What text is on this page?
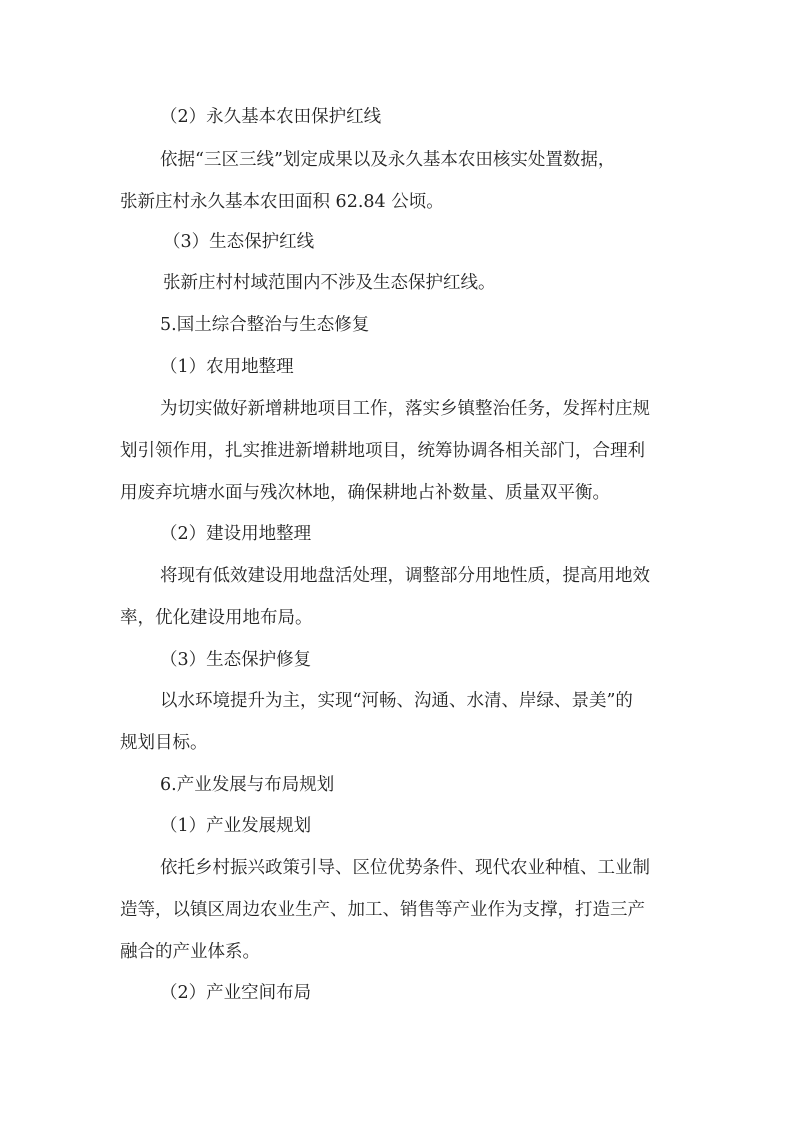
（2）永久基本农田保护红线
依据“三区三线”划定成果以及永久基本农田核实处置数据，
张新庄村永久基本农田面积 62.84 公顷。
（3）生态保护红线
张新庄村村域范围内不涉及生态保护红线。
5.国土综合整治与生态修复
（1）农用地整理
为切实做好新增耕地项目工作，落实乡镇整治任务，发挥村庄规
划引领作用，扎实推进新增耕地项目，统筹协调各相关部门，合理利
用废弃坑塘水面与残次林地，确保耕地占补数量、质量双平衡。
（2）建设用地整理
将现有低效建设用地盘活处理，调整部分用地性质，提高用地效
率，优化建设用地布局。
（3）生态保护修复
以水环境提升为主，实现“河畅、沟通、水清、岸绿、景美”的
规划目标。
6.产业发展与布局规划
（1）产业发展规划
依托乡村振兴政策引导、区位优势条件、现代农业种植、工业制
造等，以镇区周边农业生产、加工、销售等产业作为支撑，打造三产
融合的产业体系。
（2）产业空间布局
